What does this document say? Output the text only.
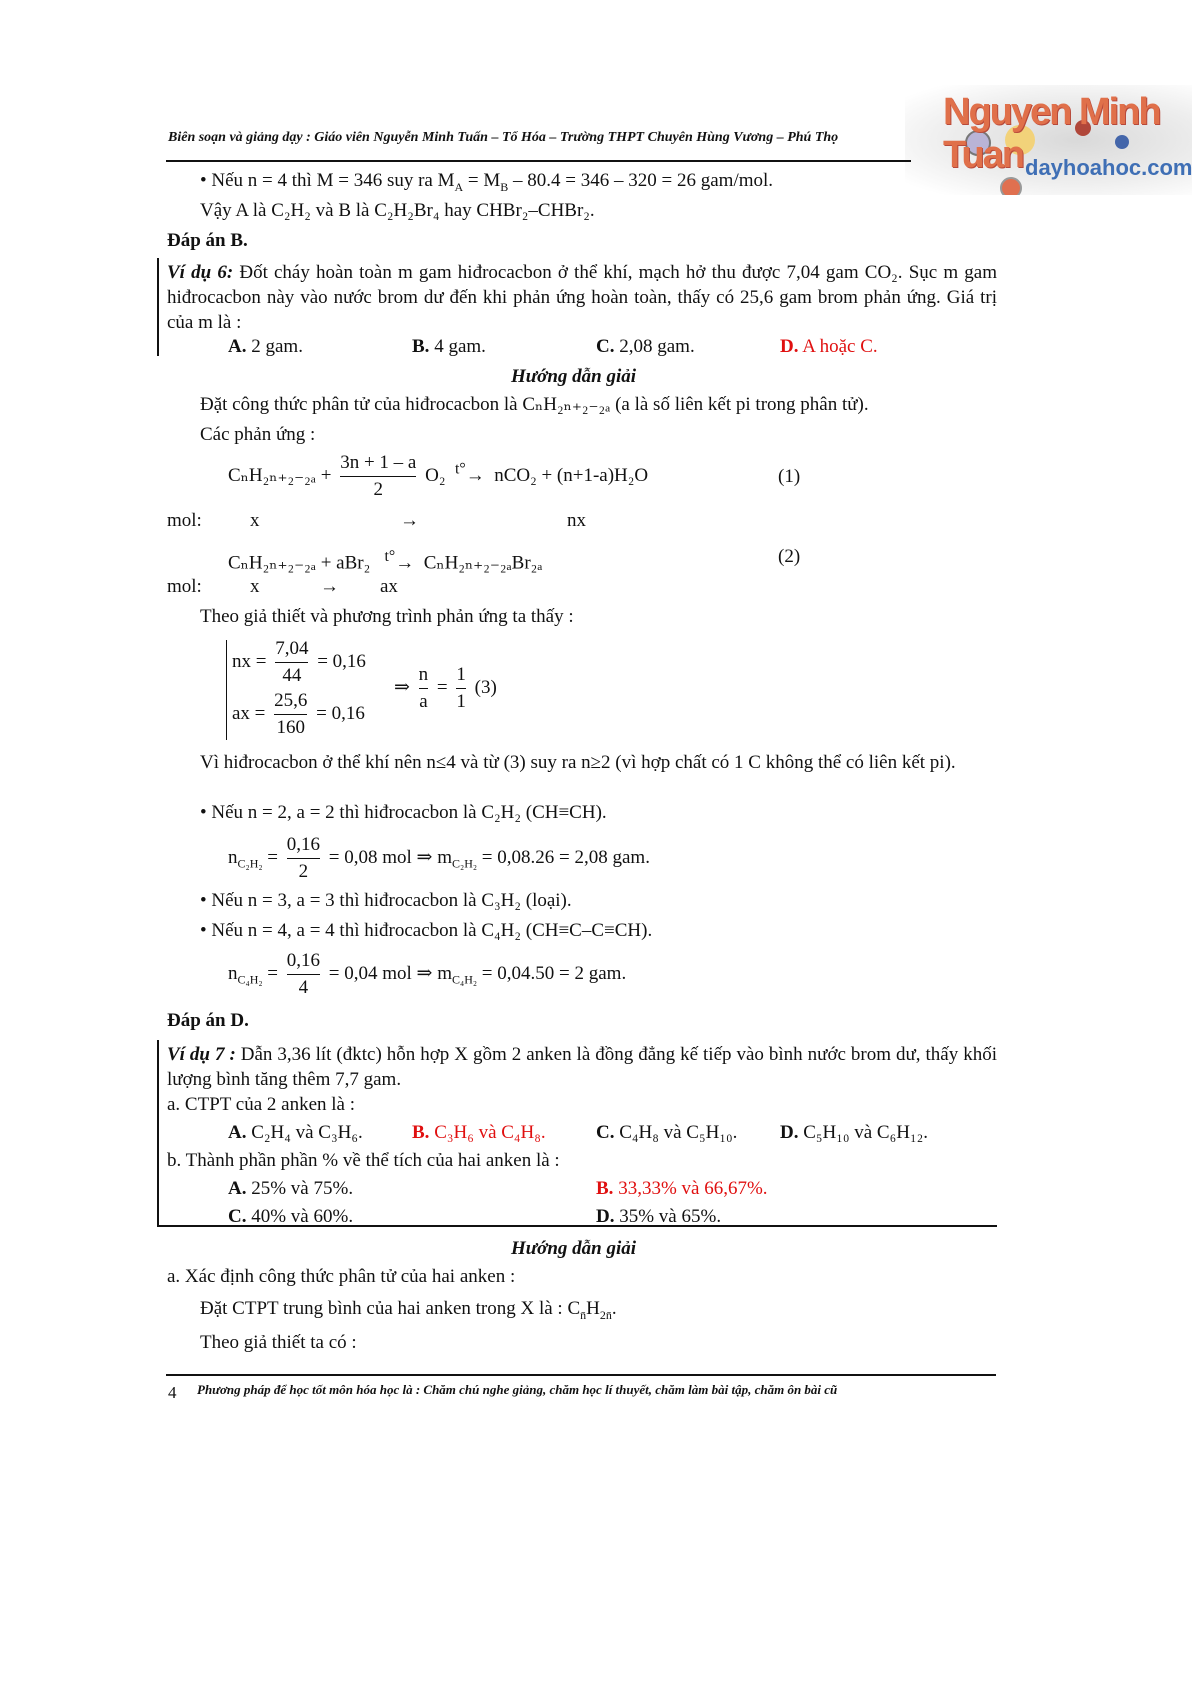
Nguyen Minh Tuan dayhoahoc.com
Biên soạn và giảng dạy : Giáo viên Nguyễn Minh Tuấn – Tổ Hóa – Trường THPT Chuyên Hùng Vương – Phú Thọ
• Nếu n = 4 thì M = 346 suy ra $M_A = M_B - 80.4 = 346 - 320 = 26$ gam/mol.
Vậy A là C₂H₂ và B là C₂H₂Br₄ hay CHBr₂–CHBr₂.
Đáp án B.
Ví dụ 6: Đốt cháy hoàn toàn m gam hiđrocacbon ở thể khí, mạch hở thu được 7,04 gam CO₂. Sục m gam hiđrocacbon này vào nước brom dư đến khi phản ứng hoàn toàn, thấy có 25,6 gam brom phản ứng. Giá trị của m là :
A. 2 gam.	B. 4 gam.	C. 2,08 gam.	D. A hoặc C.
Hướng dẫn giải
Đặt công thức phân tử của hiđrocacbon là CₙH₂ₙ₊₂₋₂ₐ (a là số liên kết pi trong phân tử).
Các phản ứng :
$C_nH_{2n+2-2a} + \frac{3n + 1 - a}{2} O_2$ $^{t^\circ}$→ nCO₂ + (n+1-a)H₂O	(1)
mol:	x	→	nx
CₙH₂ₙ₊₂₋₂ₐ + aBr₂ $^{t^\circ}$→ CₙH₂ₙ₊₂₋₂ₐBr₂ₐ	(2)
mol:	x	→ ax
Theo giả thiết và phương trình phản ứng ta thấy :
nx = $\frac{7,04}{44} = 0,16$
ax = $\frac{25,6}{160} = 0,16$
⇒ $\frac{n}{a} = \frac{1}{1} (3)$
Vì hiđrocacbon ở thể khí nên n≤4 và từ (3) suy ra n≥2 (vì hợp chất có 1 C không thể có liên kết pi).
• Nếu n = 2, a = 2 thì hiđrocacbon là C₂H₂ (CH≡CH).
$n_{C_2H_2} = \frac{0,16}{2} = 0,08$ mol ⇒ $m_{C_2H_2} = 0,08.26 = 2,08$ gam.
• Nếu n = 3, a = 3 thì hiđrocacbon là C₃H₂ (loại).
• Nếu n = 4, a = 4 thì hiđrocacbon là C₄H₂ (CH≡C–C≡CH).
$n_{C_4H_2} = \frac{0,16}{4} = 0,04$ mol ⇒ $m_{C_4H_2} = 0,04.50 = 2$ gam.
Đáp án D.
Ví dụ 7 : Dẫn 3,36 lít (đktc) hỗn hợp X gồm 2 anken là đồng đẳng kế tiếp vào bình nước brom dư, thấy khối lượng bình tăng thêm 7,7 gam.
a. CTPT của 2 anken là :
A. C₂H₄ và C₃H₆.	B. C₃H₆ và C₄H₈.	C. C₄H₈ và C₅H₁₀. D. C₅H₁₀ và C₆H₁₂.
b. Thành phần phần % về thể tích của hai anken là :
A. 25% và 75%.	B. 33,33% và 66,67%.
C. 40% và 60%.	D. 35% và 65%.
Hướng dẫn giải
a. Xác định công thức phân tử của hai anken :
Đặt CTPT trung bình của hai anken trong X là : $C_{n̄}H_{2n̄}$.
Theo giả thiết ta có :
4 Phương pháp để học tốt môn hóa học là : Chăm chú nghe giảng, chăm học lí thuyết, chăm làm bài tập, chăm ôn bài cũ
